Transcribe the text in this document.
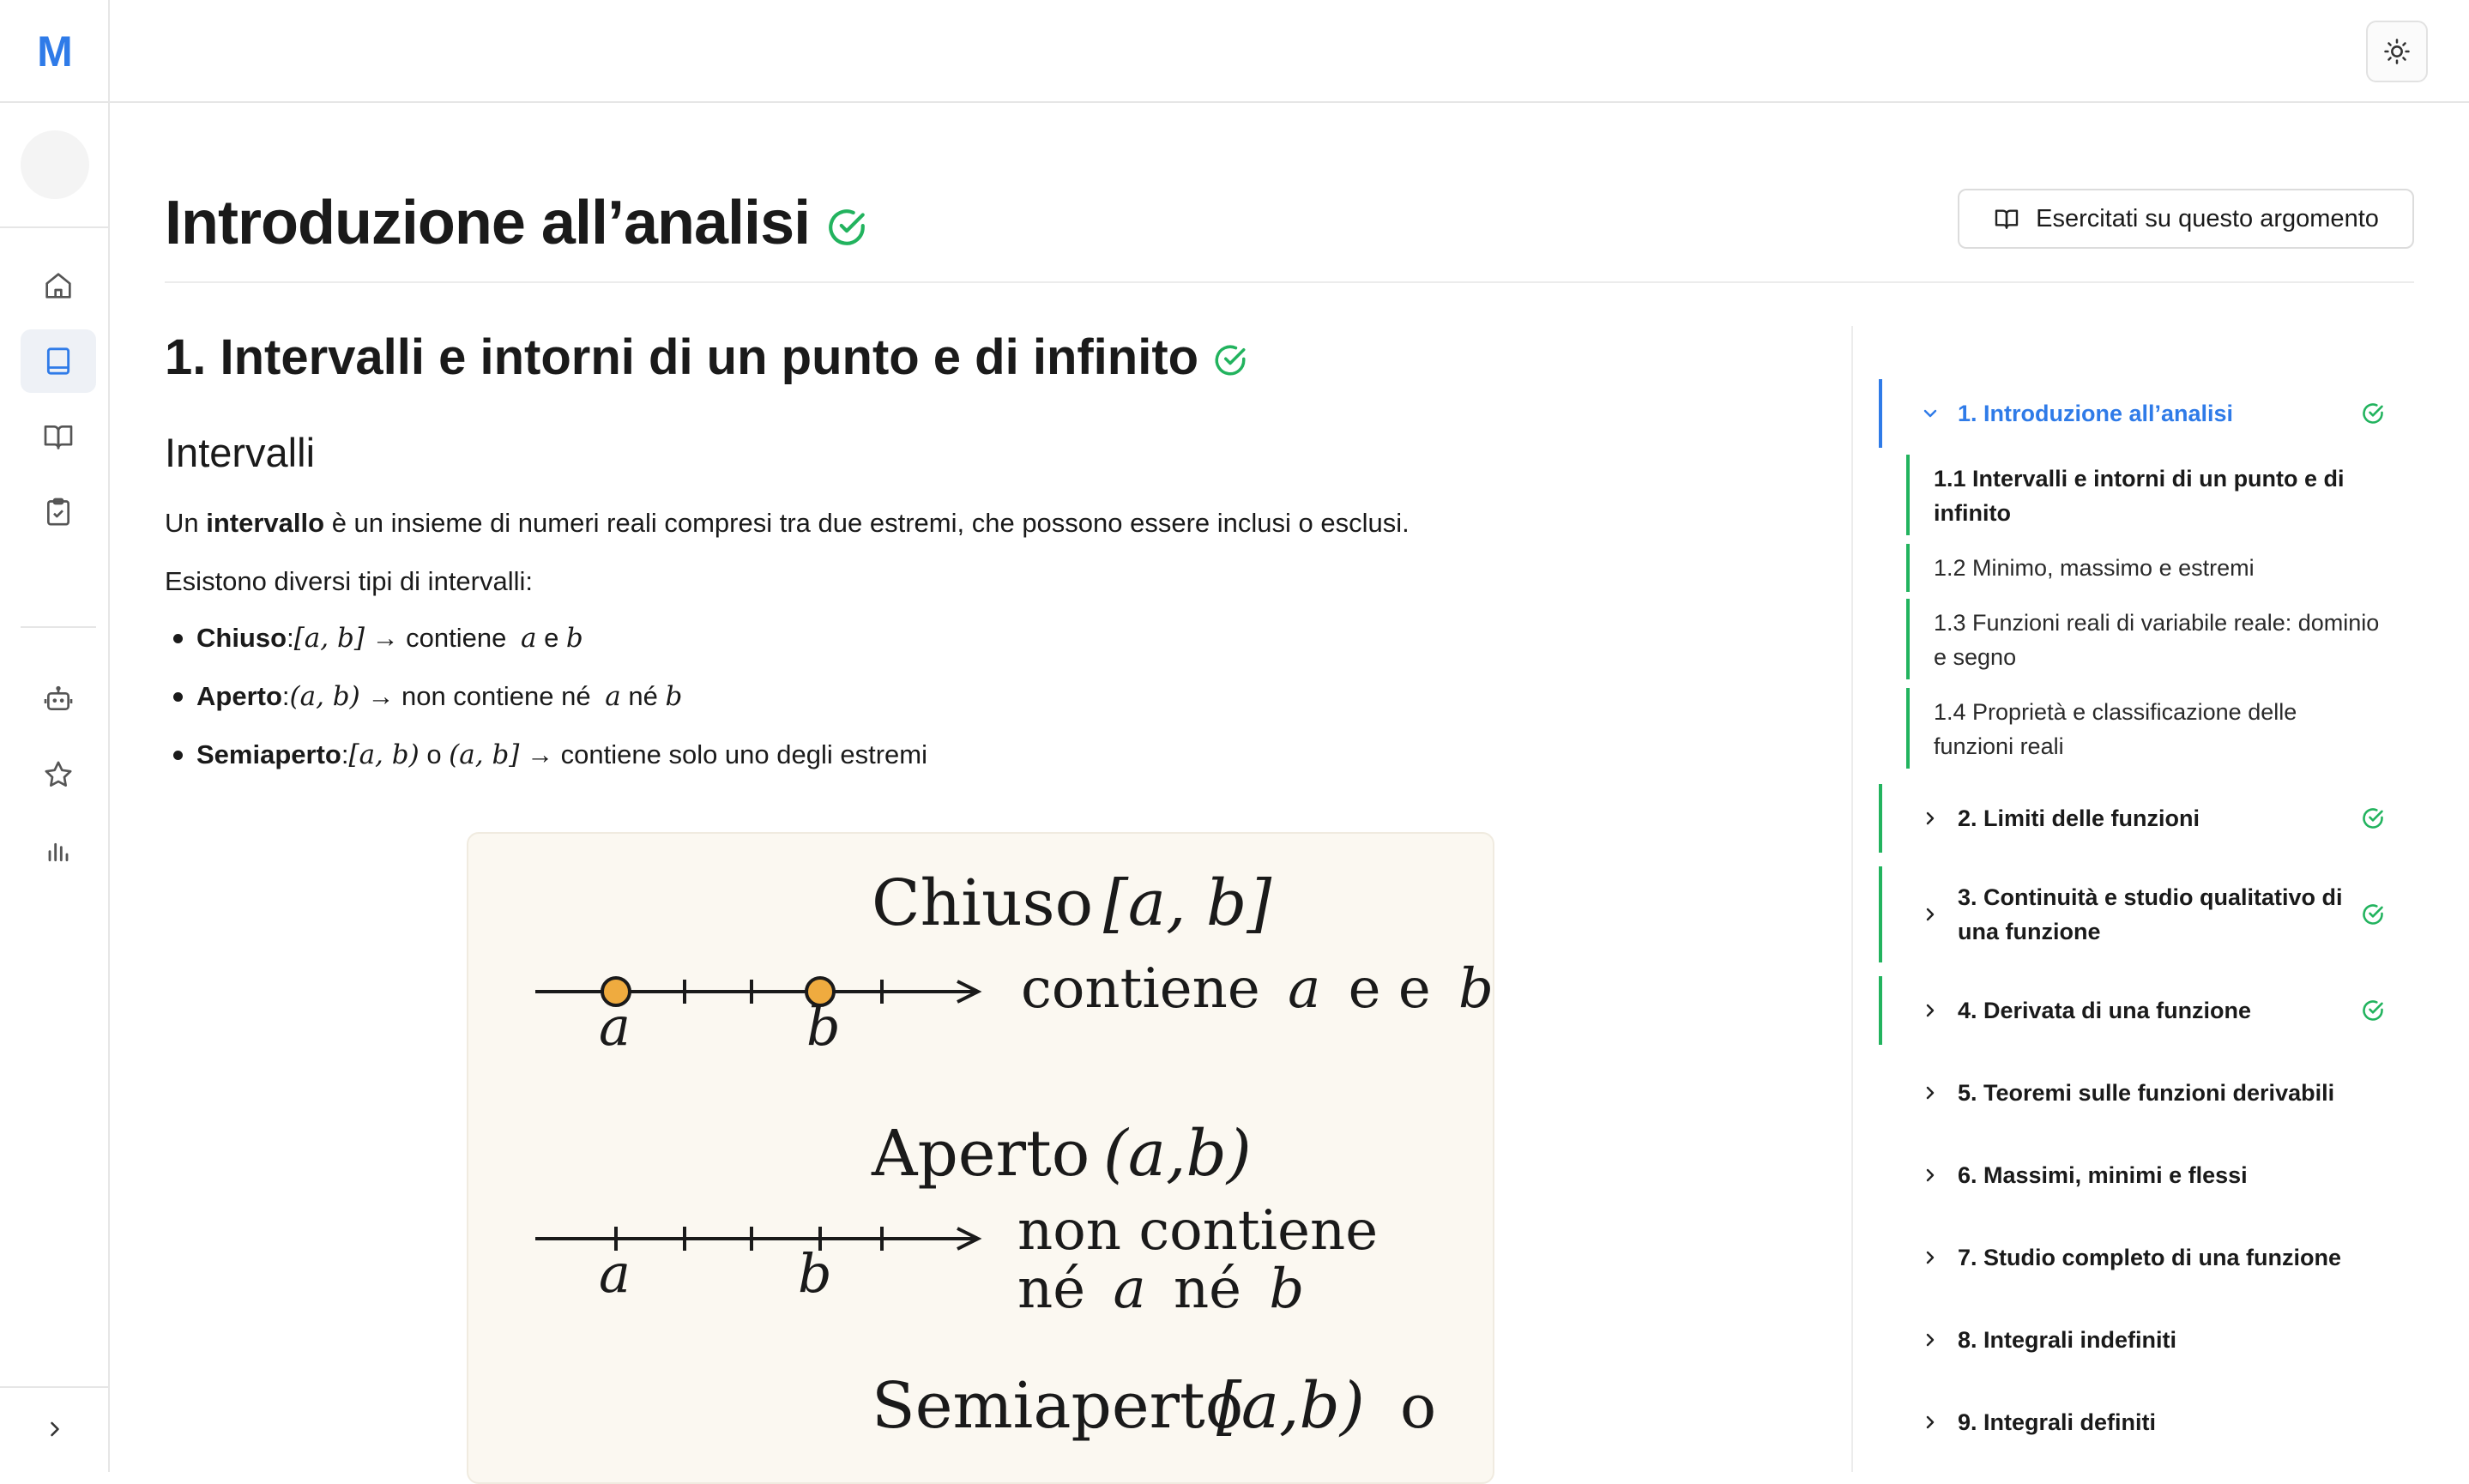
M
Introduzione all’analisi	Esercitati su questo argomento
1. Intervalli e intorni di un punto e di infinito
Intervalli
Un intervallo è un insieme di numeri reali compresi tra due estremi, che possono essere inclusi o esclusi.
Esistono diversi tipi di intervalli:
Chiuso : [a, b] → contiene a e b
Aperto : (a, b) → non contiene né a né b
Semiaperto : [a, b) o (a, b] → contiene solo uno degli estremi
Chiuso [a, b]
a	b
contiene a e e b
Aperto (a,b)
a	b
non contiene
né a né b
Semiaperto
[a,b) o
1. Introduzione all’analisi
1.1 Intervalli e intorni di un punto e di infinito
1.2 Minimo, massimo e estremi
1.3 Funzioni reali di variabile reale: dominio e segno
1.4 Proprietà e classificazione delle funzioni reali
2. Limiti delle funzioni
3. Continuità e studio qualitativo di una funzione
4. Derivata di una funzione
5. Teoremi sulle funzioni derivabili
6. Massimi, minimi e flessi
7. Studio completo di una funzione
8. Integrali indefiniti
9. Integrali definiti
